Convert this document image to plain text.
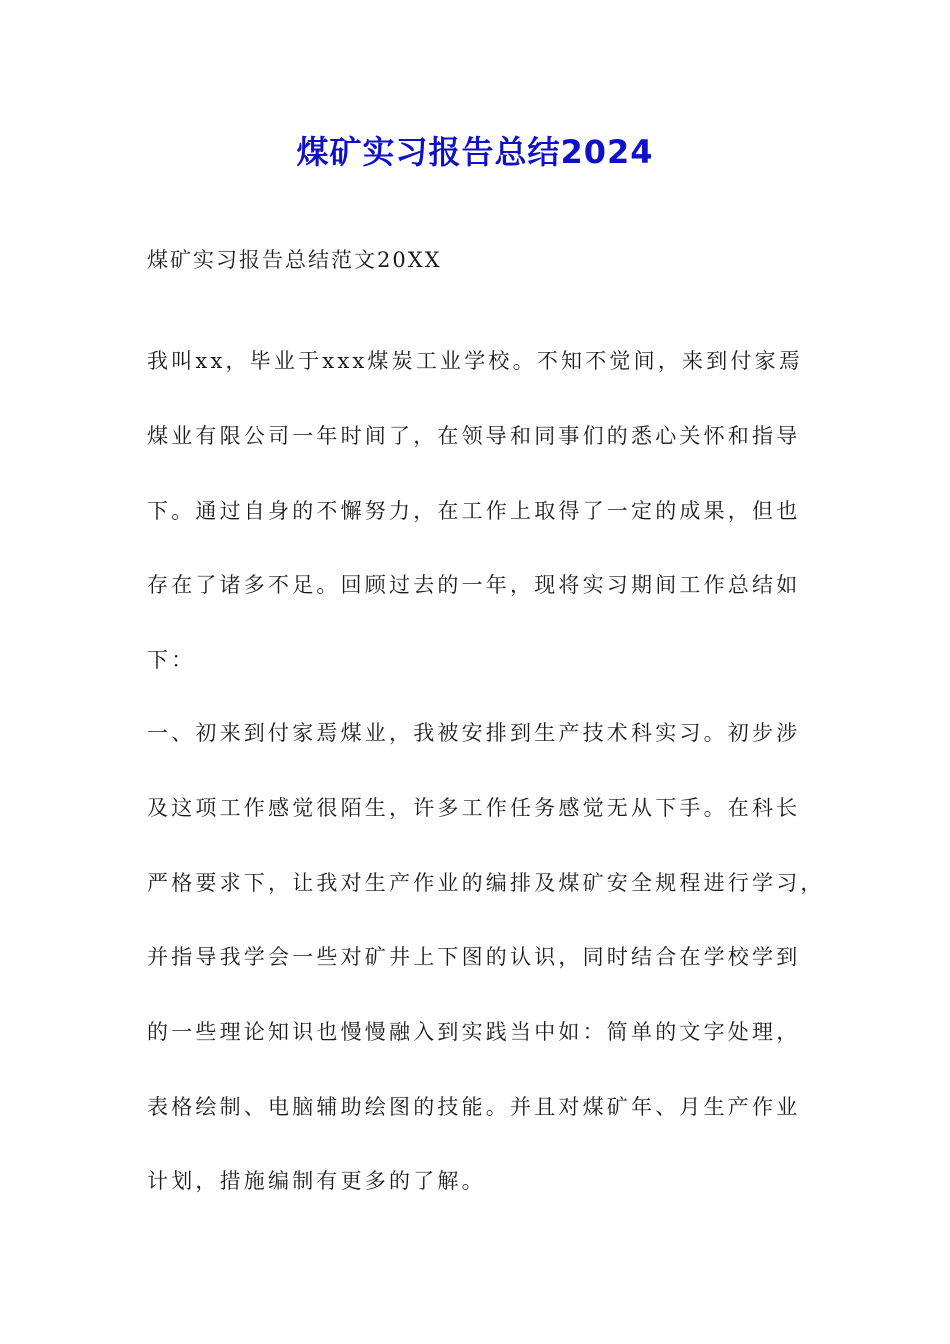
煤矿实习报告总结2024
煤矿实习报告总结范文20XX
我叫xx，毕业于xxx煤炭工业学校。不知不觉间，来到付家焉
煤业有限公司一年时间了，在领导和同事们的悉心关怀和指导
下。通过自身的不懈努力，在工作上取得了一定的成果，但也
存在了诸多不足。回顾过去的一年，现将实习期间工作总结如
下：
一、初来到付家焉煤业，我被安排到生产技术科实习。初步涉
及这项工作感觉很陌生，许多工作任务感觉无从下手。在科长
严格要求下，让我对生产作业的编排及煤矿安全规程进行学习，
并指导我学会一些对矿井上下图的认识，同时结合在学校学到
的一些理论知识也慢慢融入到实践当中如：简单的文字处理，
表格绘制、电脑辅助绘图的技能。并且对煤矿年、月生产作业
计划，措施编制有更多的了解。
